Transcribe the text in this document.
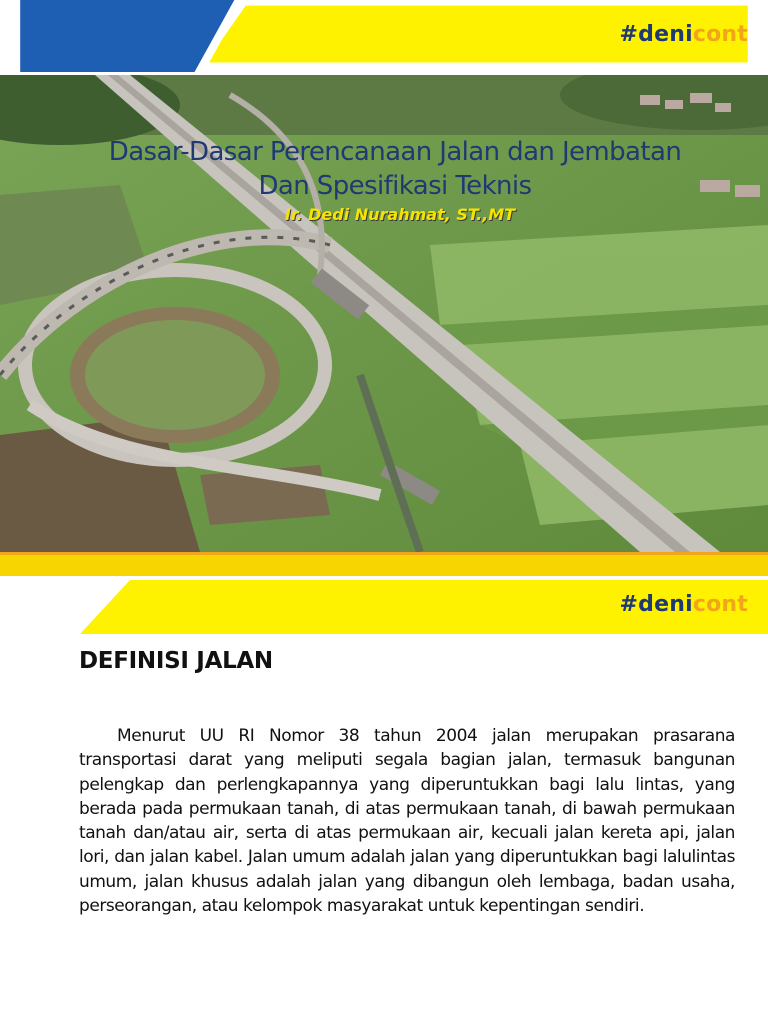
#denicont
Dasar-Dasar Perencanaan Jalan dan Jembatan
Dan Spesifikasi Teknis
Ir. Dedi Nurahmat, ST.,MT
#denicont
DEFINISI JALAN
Menurut UU RI Nomor 38 tahun 2004 jalan merupakan prasarana transportasi darat yang meliputi segala bagian jalan, termasuk bangunan pelengkap dan perlengkapannya yang diperuntukkan bagi lalu lintas, yang berada pada permukaan tanah, di atas permukaan tanah, di bawah permukaan tanah dan/atau air, serta di atas permukaan air, kecuali jalan kereta api, jalan lori, dan jalan kabel. Jalan umum adalah jalan yang diperuntukkan bagi lalulintas umum, jalan khusus adalah jalan yang dibangun oleh lembaga, badan usaha, perseorangan, atau kelompok masyarakat untuk kepentingan sendiri.
